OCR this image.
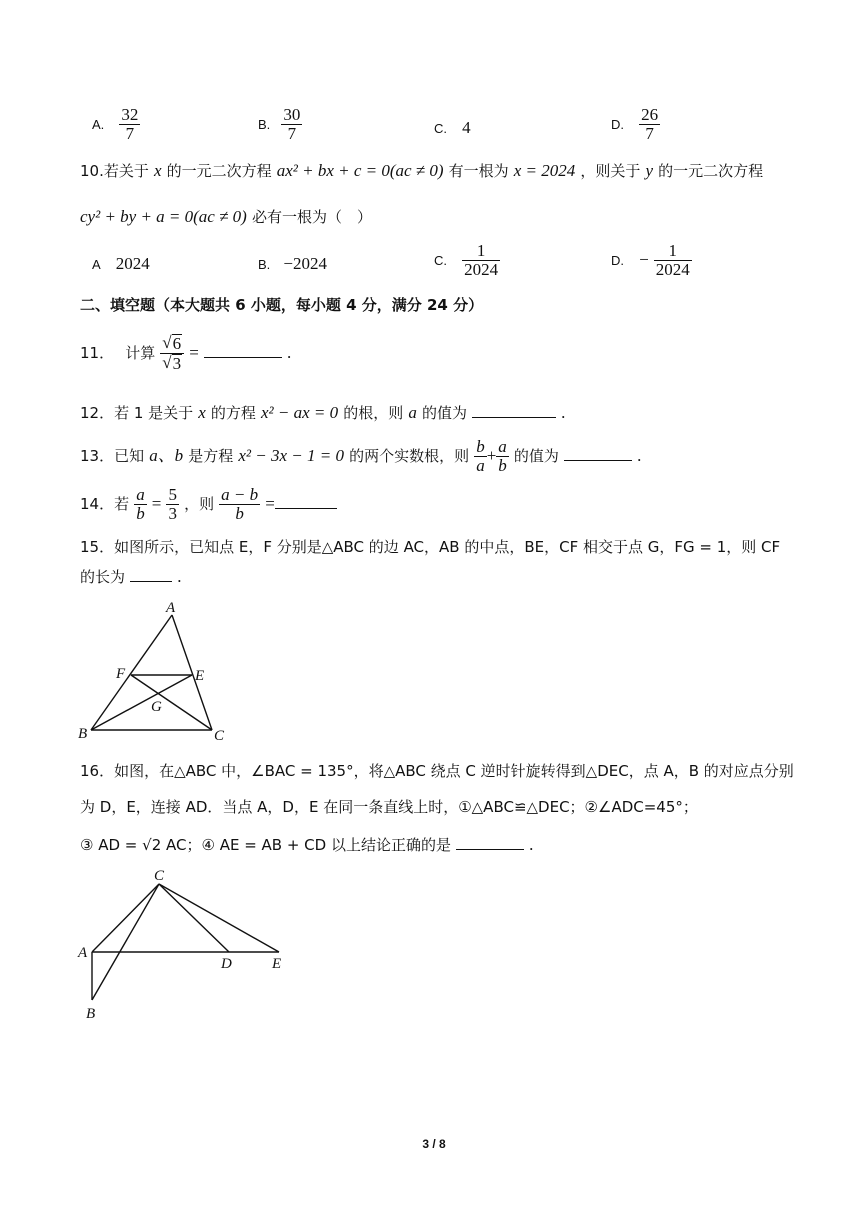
A. $\frac{32}{7}$	B. $\frac{30}{7}$	C. 4	D. $\frac{26}{7}$
10.若关于 x 的一元二次方程 ax² + bx + c = 0(ac ≠ 0) 有一根为 x = 2024 ，则关于 y 的一元二次方程
cy² + by + a = 0(ac ≠ 0) 必有一根为（　）
A 2024	B. −2024	C. $\frac{1}{2024}$	D. − $\frac{1}{2024}$
二、填空题（本大题共 6 小题，每小题 4 分，满分 24 分）
11． 计算 $\frac{√ 6}{√ 3}$ =	.
12．若 1 是关于 x 的方程 x² − ax = 0 的根，则 a 的值为	.
13．已知 a、b 是方程 x² − 3x − 1 = 0 的两个实数根，则 $\frac{b}{a} + \frac{a}{b}$ 的值为	.
14．若 $\frac{a}{b} = \frac{5}{3}$ ，则 $\frac{a - b}{b}$ =
15．如图所示，已知点 E，F 分别是△ABC 的边 AC，AB 的中点，BE，CF 相交于点 G，FG = 1，则 CF
的长为	.
A
F	E
G
B	C
16．如图，在△ABC 中，∠BAC = 135°，将△ABC 绕点 C 逆时针旋转得到△DEC，点 A，B 的对应点分别
为 D，E，连接 AD．当点 A，D，E 在同一条直线上时，①△ABC≌△DEC；②∠ADC=45°；
③ AD = √2 AC；④ AE = AB + CD 以上结论正确的是	.
C
A
D	E
B
3 / 8
